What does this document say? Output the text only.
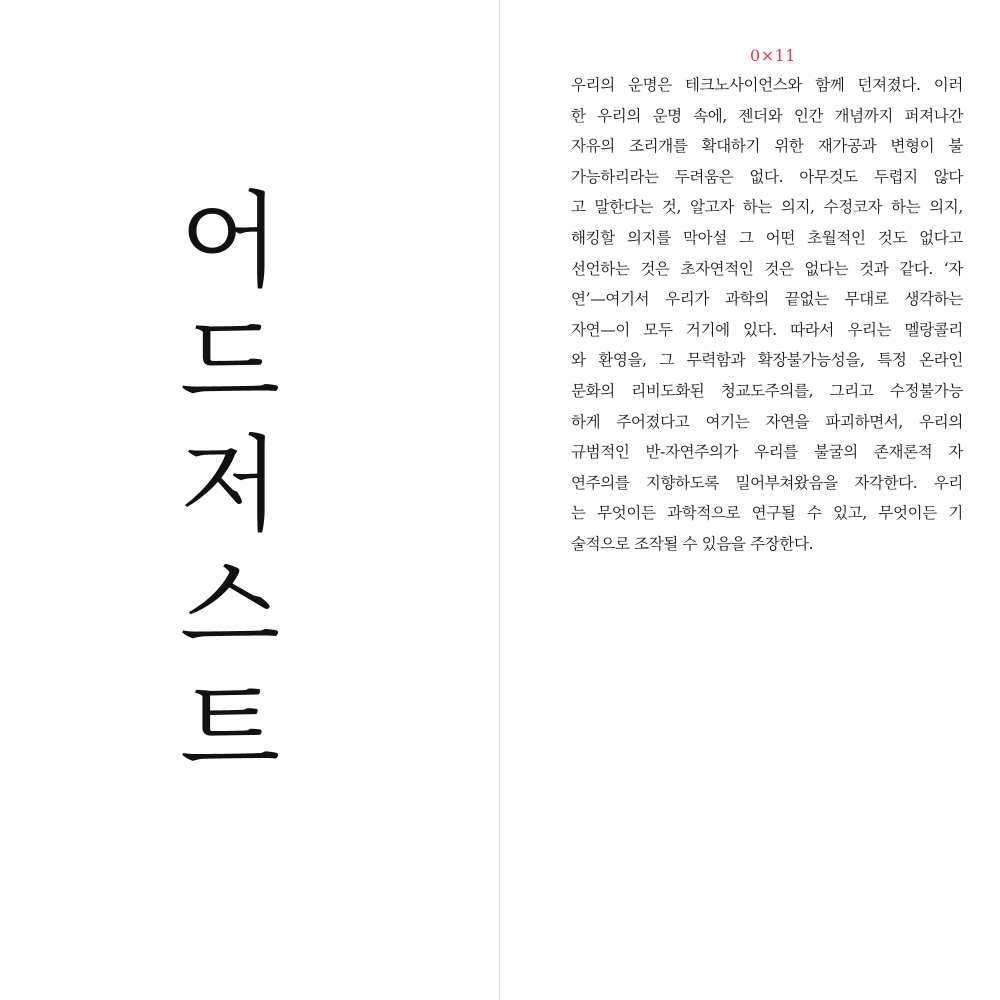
어
드
저
스
트
0×11
우리의 운명은 테크노사이언스와 함께 던져졌다. 이러
한 우리의 운명 속에, 젠더와 인간 개념까지 퍼져나간
자유의 조리개를 확대하기 위한 재가공과 변형이 불
가능하리라는 두려움은 없다. 아무것도 두렵지 않다
고 말한다는 것, 알고자 하는 의지, 수정코자 하는 의지,
해킹할 의지를 막아설 그 어떤 초월적인 것도 없다고
선언하는 것은 초자연적인 것은 없다는 것과 같다. ‘자
연’—여기서 우리가 과학의 끝없는 무대로 생각하는
자연—이 모두 거기에 있다. 따라서 우리는 멜랑콜리
와 환영을, 그 무력함과 확장불가능성을, 특정 온라인
문화의 리비도화된 청교도주의를, 그리고 수정불가능
하게 주어졌다고 여기는 자연을 파괴하면서, 우리의
규범적인 반-자연주의가 우리를 불굴의 존재론적 자
연주의를 지향하도록 밀어부쳐왔음을 자각한다. 우리
는 무엇이든 과학적으로 연구될 수 있고, 무엇이든 기
술적으로 조작될 수 있음을 주장한다.
